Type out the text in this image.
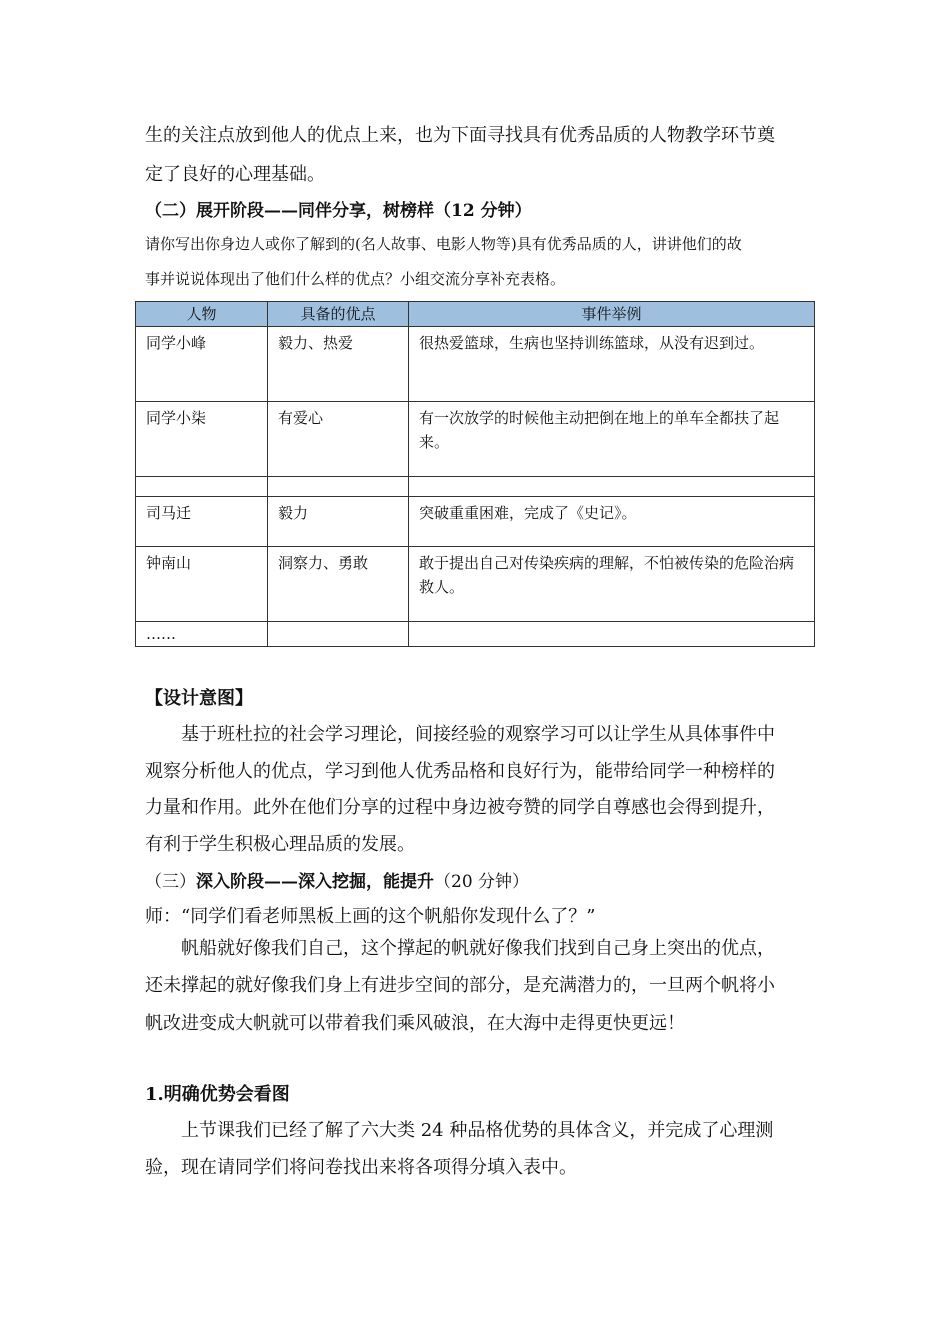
生的关注点放到他人的优点上来，也为下面寻找具有优秀品质的人物教学环节奠
定了良好的心理基础。
（二）展开阶段——同伴分享，树榜样（12 分钟）
请你写出你身边人或你了解到的(名人故事、电影人物等)具有优秀品质的人，讲讲他们的故
事并说说体现出了他们什么样的优点？小组交流分享补充表格。
人物	具备的优点	事件举例
同学小峰	毅力、热爱	很热爱篮球，生病也坚持训练篮球，从没有迟到过。
同学小柒	有爱心	有一次放学的时候他主动把倒在地上的单车全都扶了起来。

司马迁	毅力	突破重重困难，完成了《史记》。
钟南山	洞察力、勇敢	敢于提出自己对传染疾病的理解，不怕被传染的危险治病救人。
……		
【设计意图】
基于班杜拉的社会学习理论，间接经验的观察学习可以让学生从具体事件中
观察分析他人的优点，学习到他人优秀品格和良好行为，能带给同学一种榜样的
力量和作用。此外在他们分享的过程中身边被夸赞的同学自尊感也会得到提升，
有利于学生积极心理品质的发展。
（三）深入阶段——深入挖掘，能提升（20 分钟）
师：“同学们看老师黑板上画的这个帆船你发现什么了？”
帆船就好像我们自己，这个撑起的帆就好像我们找到自己身上突出的优点，
还未撑起的就好像我们身上有进步空间的部分，是充满潜力的，一旦两个帆将小
帆改进变成大帆就可以带着我们乘风破浪，在大海中走得更快更远！
1.明确优势会看图
上节课我们已经了解了六大类 24 种品格优势的具体含义，并完成了心理测
验，现在请同学们将问卷找出来将各项得分填入表中。
